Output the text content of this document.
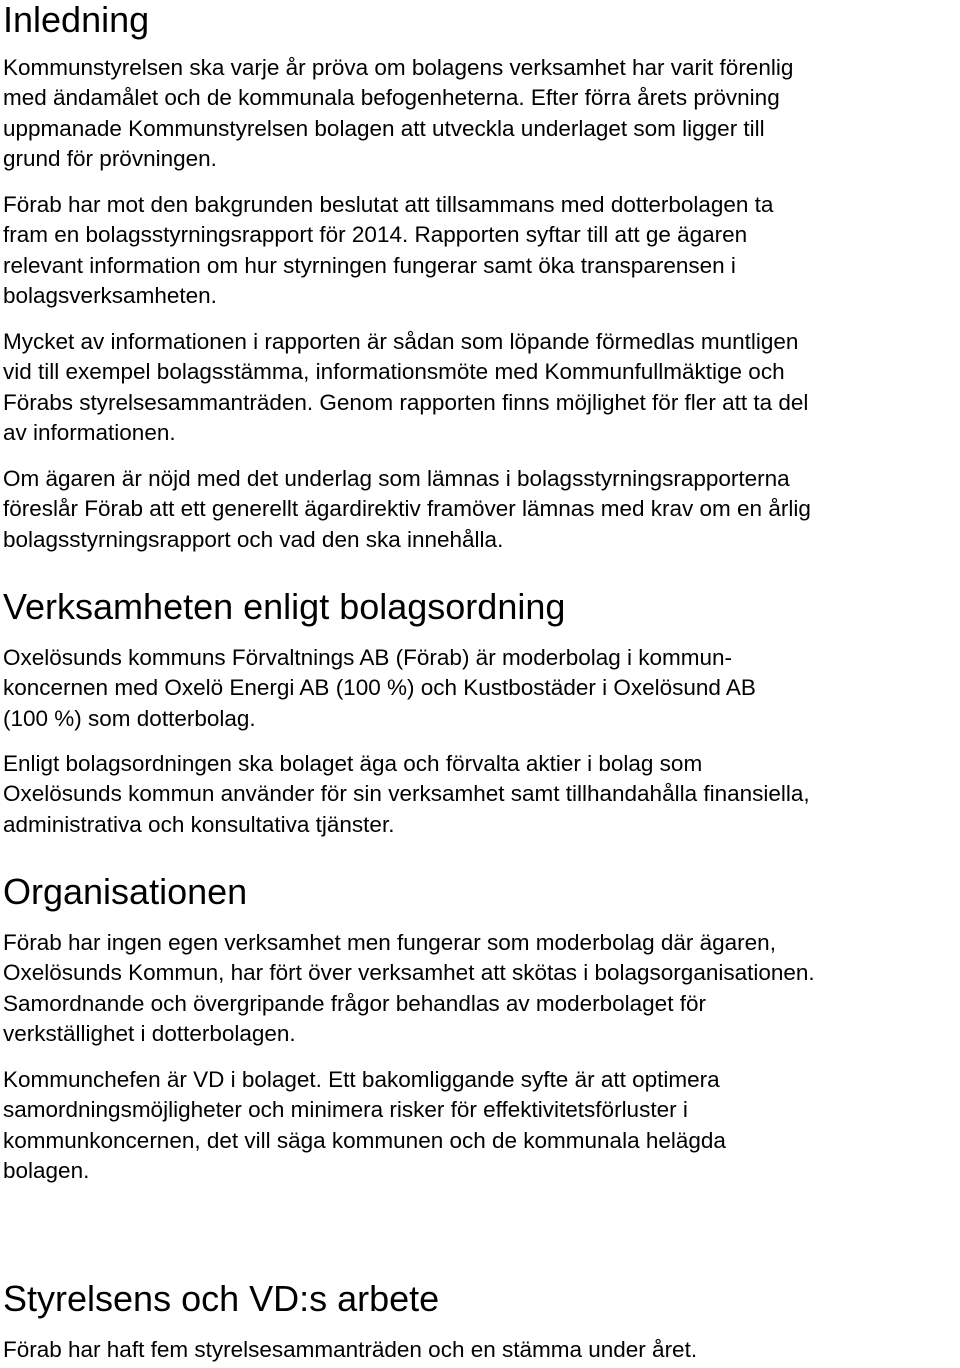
Inledning

Kommunstyrelsen ska varje år pröva om bolagens verksamhet har varit förenlig
med ändamålet och de kommunala befogenheterna. Efter förra årets prövning
uppmanade Kommunstyrelsen bolagen att utveckla underlaget som ligger till
grund för prövningen.

Förab har mot den bakgrunden beslutat att tillsammans med dotterbolagen ta
fram en bolagsstyrningsrapport för 2014. Rapporten syftar till att ge ägaren
relevant information om hur styrningen fungerar samt öka transparensen i
bolagsverksamheten.

Mycket av informationen i rapporten är sådan som löpande förmedlas muntligen
vid till exempel bolagsstämma, informationsmöte med Kommunfullmäktige och
Förabs styrelsesammanträden. Genom rapporten finns möjlighet för fler att ta del
av informationen.

Om ägaren är nöjd med det underlag som lämnas i bolagsstyrningsrapporterna
föreslår Förab att ett generellt ägardirektiv framöver lämnas med krav om en årlig
bolagsstyrningsrapport och vad den ska innehålla.

Verksamheten enligt bolagsordning

Oxelösunds kommuns Förvaltnings AB (Förab) är moderbolag i kommun-
koncernen med Oxelö Energi AB (100 %) och Kustbostäder i Oxelösund AB
(100 %) som dotterbolag.

Enligt bolagsordningen ska bolaget äga och förvalta aktier i bolag som
Oxelösunds kommun använder för sin verksamhet samt tillhandahålla finansiella,
administrativa och konsultativa tjänster.

Organisationen

Förab har ingen egen verksamhet men fungerar som moderbolag där ägaren,
Oxelösunds Kommun, har fört över verksamhet att skötas i bolagsorganisationen.
Samordnande och övergripande frågor behandlas av moderbolaget för
verkställighet i dotterbolagen.

Kommunchefen är VD i bolaget. Ett bakomliggande syfte är att optimera
samordningsmöjligheter och minimera risker för effektivitetsförluster i
kommunkoncernen, det vill säga kommunen och de kommunala helägda
bolagen.

Styrelsens och VD:s arbete

Förab har haft fem styrelsesammanträden och en stämma under året.
